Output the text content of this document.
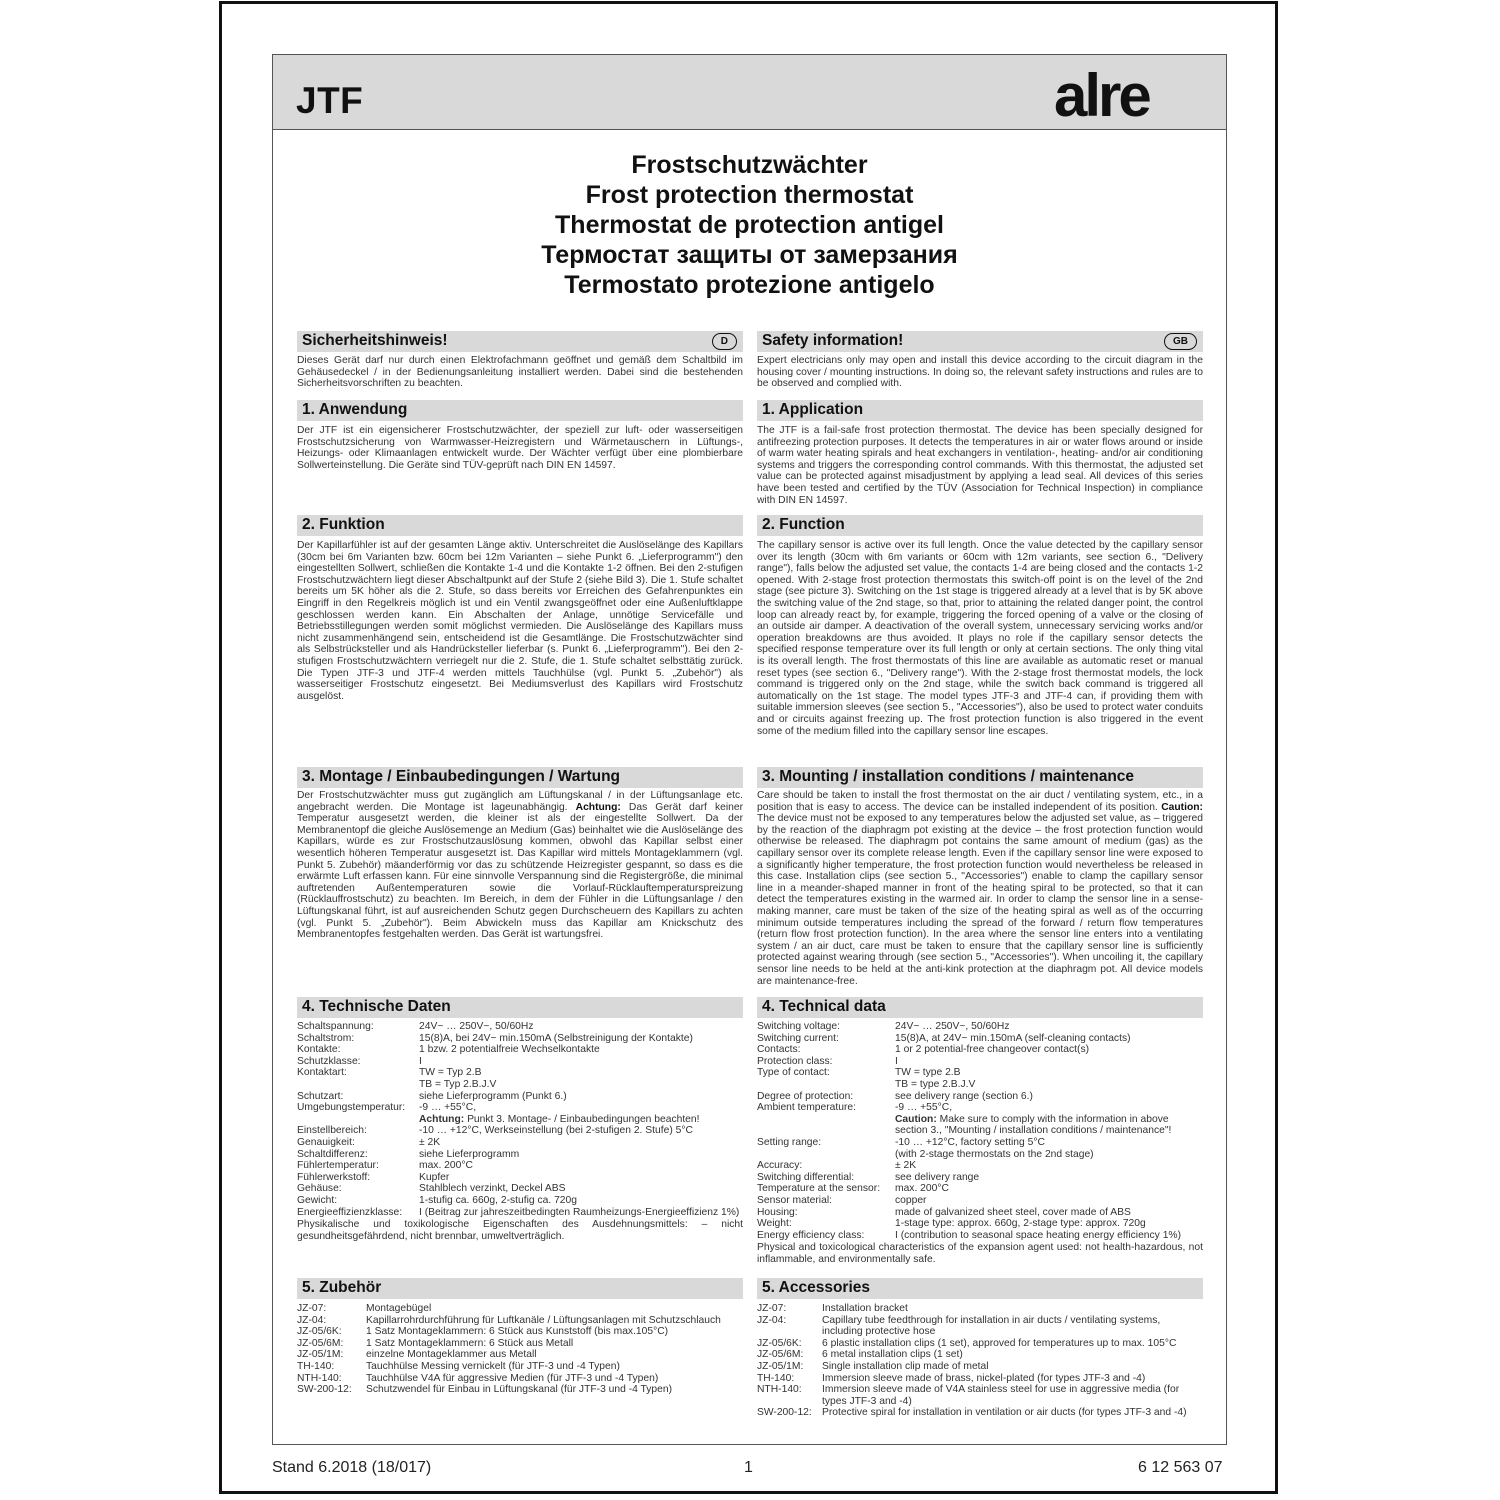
JTF	alre
Frostschutzwächter
Frost protection thermostat
Thermostat de protection antigel
Термостат защиты от замерзания
Termostato protezione antigelo
Sicherheitshinweis!	D
Dieses Gerät darf nur durch einen Elektrofachmann geöffnet und gemäß dem Schaltbild im Gehäusedeckel / in der Bedienungsanleitung installiert werden. Dabei sind die bestehenden Sicherheitsvorschriften zu beachten.
1. Anwendung
Der JTF ist ein eigensicherer Frostschutzwächter, der speziell zur luft- oder wasserseitigen Frostschutzsicherung von Warmwasser-Heizregistern und Wärmetauschern in Lüftungs-, Heizungs- oder Klimaanlagen entwickelt wurde. Der Wächter verfügt über eine plombierbare Sollwerteinstellung. Die Geräte sind TÜV-geprüft nach DIN EN 14597.
2. Funktion
Der Kapillarfühler ist auf der gesamten Länge aktiv. Unterschreitet die Auslöselänge des Kapillars (30cm bei 6m Varianten bzw. 60cm bei 12m Varianten – siehe Punkt 6. „Lieferprogramm") den eingestellten Sollwert, schließen die Kontakte 1-4 und die Kontakte 1-2 öffnen. Bei den 2-stufigen Frostschutzwächtern liegt dieser Abschaltpunkt auf der Stufe 2 (siehe Bild 3). Die 1. Stufe schaltet bereits um 5K höher als die 2. Stufe, so dass bereits vor Erreichen des Gefahrenpunktes ein Eingriff in den Regelkreis möglich ist und ein Ventil zwangsgeöffnet oder eine Außenluftklappe geschlossen werden kann. Ein Abschalten der Anlage, unnötige Servicefälle und Betriebsstillegungen werden somit möglichst vermieden. Die Auslöselänge des Kapillars muss nicht zusammenhängend sein, entscheidend ist die Gesamtlänge. Die Frostschutzwächter sind als Selbstrücksteller und als Handrücksteller lieferbar (s. Punkt 6. „Lieferprogramm"). Bei den 2-stufigen Frostschutzwächtern verriegelt nur die 2. Stufe, die 1. Stufe schaltet selbsttätig zurück. Die Typen JTF-3 und JTF-4 werden mittels Tauchhülse (vgl. Punkt 5. „Zubehör") als wasserseitiger Frostschutz eingesetzt. Bei Mediumsverlust des Kapillars wird Frostschutz ausgelöst.
3. Montage / Einbaubedingungen / Wartung
Der Frostschutzwächter muss gut zugänglich am Lüftungskanal / in der Lüftungsanlage etc. angebracht werden. Die Montage ist lageunabhängig. Achtung: Das Gerät darf keiner Temperatur ausgesetzt werden, die kleiner ist als der eingestellte Sollwert. Da der Membranentopf die gleiche Auslösemenge an Medium (Gas) beinhaltet wie die Auslöselänge des Kapillars, würde es zur Frostschutzauslösung kommen, obwohl das Kapillar selbst einer wesentlich höheren Temperatur ausgesetzt ist. Das Kapillar wird mittels Montageklammern (vgl. Punkt 5. Zubehör) mäanderförmig vor das zu schützende Heizregister gespannt, so dass es die erwärmte Luft erfassen kann. Für eine sinnvolle Verspannung sind die Registergröße, die minimal auftretenden Außentemperaturen sowie die Vorlauf-Rücklauftemperaturspreizung (Rücklauffrostschutz) zu beachten. Im Bereich, in dem der Fühler in die Lüftungsanlage / den Lüftungskanal führt, ist auf ausreichenden Schutz gegen Durchscheuern des Kapillars zu achten (vgl. Punkt 5. „Zubehör"). Beim Abwickeln muss das Kapillar am Knickschutz des Membranentopfes festgehalten werden. Das Gerät ist wartungsfrei.
4. Technische Daten
Schaltspannung:	24V~ … 250V~, 50/60Hz
Schaltstrom:	15(8)A, bei 24V~ min.150mA (Selbstreinigung der Kontakte)
Kontakte:	1 bzw. 2 potentialfreie Wechselkontakte
Schutzklasse:	I
Kontaktart:	TW = Typ 2.B
	TB = Typ 2.B.J.V
Schutzart:	siehe Lieferprogramm (Punkt 6.)
Umgebungstemperatur:	-9 … +55°C,
	Achtung: Punkt 3. Montage- / Einbaubedingungen beachten!
Einstellbereich:	-10 … +12°C, Werkseinstellung (bei 2-stufigen 2. Stufe) 5°C
Genauigkeit:	± 2K
Schaltdifferenz:	siehe Lieferprogramm
Fühlertemperatur:	max. 200°C
Fühlerwerkstoff:	Kupfer
Gehäuse:	Stahlblech verzinkt, Deckel ABS
Gewicht:	1-stufig ca. 660g, 2-stufig ca. 720g
Energieeffizienzklasse:	I (Beitrag zur jahreszeitbedingten Raumheizungs-Energieeffizienz 1%)
Physikalische und toxikologische Eigenschaften des Ausdehnungsmittels: – nicht gesundheitsgefährdend, nicht brennbar, umweltverträglich.
5. Zubehör
JZ-07:	Montagebügel
JZ-04:	Kapillarrohrdurchführung für Luftkanäle / Lüftungsanlagen mit Schutzschlauch
JZ-05/6K:	1 Satz Montageklammern: 6 Stück aus Kunststoff (bis max.105°C)
JZ-05/6M:	1 Satz Montageklammern: 6 Stück aus Metall
JZ-05/1M:	einzelne Montageklammer aus Metall
TH-140:	Tauchhülse Messing vernickelt (für JTF-3 und -4 Typen)
NTH-140:	Tauchhülse V4A für aggressive Medien (für JTF-3 und -4 Typen)
SW-200-12:	Schutzwendel für Einbau in Lüftungskanal (für JTF-3 und -4 Typen)
Safety information!	GB
Expert electricians only may open and install this device according to the circuit diagram in the housing cover / mounting instructions. In doing so, the relevant safety instructions and rules are to be observed and complied with.
1. Application
The JTF is a fail-safe frost protection thermostat. The device has been specially designed for antifreezing protection purposes. It detects the temperatures in air or water flows around or inside of warm water heating spirals and heat exchangers in ventilation-, heating- and/or air conditioning systems and triggers the corresponding control commands. With this thermostat, the adjusted set value can be protected against misadjustment by applying a lead seal. All devices of this series have been tested and certified by the TÜV (Association for Technical Inspection) in compliance with DIN EN 14597.
2. Function
The capillary sensor is active over its full length. Once the value detected by the capillary sensor over its length (30cm with 6m variants or 60cm with 12m variants, see section 6., "Delivery range"), falls below the adjusted set value, the contacts 1-4 are being closed and the contacts 1-2 opened. With 2-stage frost protection thermostats this switch-off point is on the level of the 2nd stage (see picture 3). Switching on the 1st stage is triggered already at a level that is by 5K above the switching value of the 2nd stage, so that, prior to attaining the related danger point, the control loop can already react by, for example, triggering the forced opening of a valve or the closing of an outside air damper. A deactivation of the overall system, unnecessary servicing works and/or operation breakdowns are thus avoided. It plays no role if the capillary sensor detects the specified response temperature over its full length or only at certain sections. The only thing vital is its overall length. The frost thermostats of this line are available as automatic reset or manual reset types (see section 6., "Delivery range"). With the 2-stage frost thermostat models, the lock command is triggered only on the 2nd stage, while the switch back command is triggered all automatically on the 1st stage. The model types JTF-3 and JTF-4 can, if providing them with suitable immersion sleeves (see section 5., "Accessories"), also be used to protect water conduits and or circuits against freezing up. The frost protection function is also triggered in the event some of the medium filled into the capillary sensor line escapes.
3. Mounting / installation conditions / maintenance
Care should be taken to install the frost thermostat on the air duct / ventilating system, etc., in a position that is easy to access. The device can be installed independent of its position. Caution: The device must not be exposed to any temperatures below the adjusted set value, as – triggered by the reaction of the diaphragm pot existing at the device – the frost protection function would otherwise be released. The diaphragm pot contains the same amount of medium (gas) as the capillary sensor over its complete release length. Even if the capillary sensor line were exposed to a significantly higher temperature, the frost protection function would nevertheless be released in this case. Installation clips (see section 5., "Accessories") enable to clamp the capillary sensor line in a meander-shaped manner in front of the heating spiral to be protected, so that it can detect the temperatures existing in the warmed air. In order to clamp the sensor line in a sense-making manner, care must be taken of the size of the heating spiral as well as of the occurring minimum outside temperatures including the spread of the forward / return flow temperatures (return flow frost protection function). In the area where the sensor line enters into a ventilating system / an air duct, care must be taken to ensure that the capillary sensor line is sufficiently protected against wearing through (see section 5., "Accessories"). When uncoiling it, the capillary sensor line needs to be held at the anti-kink protection at the diaphragm pot. All device models are maintenance-free.
4. Technical data
Switching voltage:	24V~ … 250V~, 50/60Hz
Switching current:	15(8)A, at 24V~ min.150mA (self-cleaning contacts)
Contacts:	1 or 2 potential-free changeover contact(s)
Protection class:	I
Type of contact:	TW = type 2.B
	TB = type 2.B.J.V
Degree of protection:	see delivery range (section 6.)
Ambient temperature:	-9 … +55°C,
	Caution: Make sure to comply with the information in above section 3., "Mounting / installation conditions / maintenance"!
Setting range:	-10 … +12°C, factory setting 5°C
	(with 2-stage thermostats on the 2nd stage)
Accuracy:	± 2K
Switching differential:	see delivery range
Temperature at the sensor:	max. 200°C
Sensor material:	copper
Housing:	made of galvanized sheet steel, cover made of ABS
Weight:	1-stage type: approx. 660g, 2-stage type: approx. 720g
Energy efficiency class:	I (contribution to seasonal space heating energy efficiency 1%)
Physical and toxicological characteristics of the expansion agent used: not health-hazardous, not inflammable, and environmentally safe.
5. Accessories
JZ-07:	Installation bracket
JZ-04:	Capillary tube feedthrough for installation in air ducts / ventilating systems, including protective hose
JZ-05/6K:	6 plastic installation clips (1 set), approved for temperatures up to max. 105°C
JZ-05/6M:	6 metal installation clips (1 set)
JZ-05/1M:	Single installation clip made of metal
TH-140:	Immersion sleeve made of brass, nickel-plated (for types JTF-3 and -4)
NTH-140:	Immersion sleeve made of V4A stainless steel for use in aggressive media (for types JTF-3 and -4)
SW-200-12:	Protective spiral for installation in ventilation or air ducts (for types JTF-3 and -4)
Stand 6.2018 (18/017)	1	6 12 563 07
